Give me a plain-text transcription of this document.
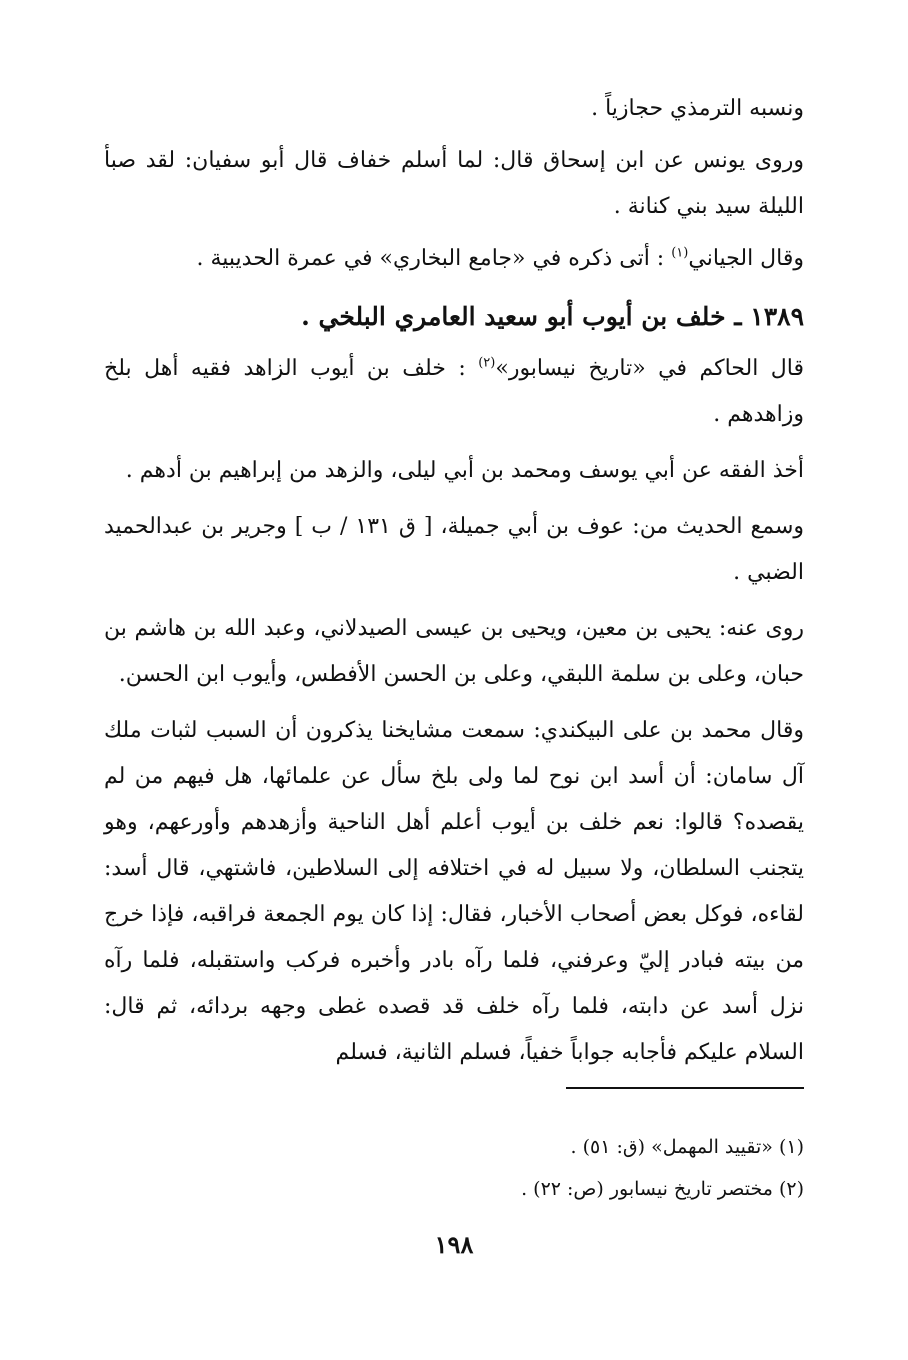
ونسبه الترمذي حجازياً .

وروى يونس عن ابن إسحاق قال: لما أسلم خفاف قال أبو سفيان: لقد صبأ الليلة سيد بني كنانة .

وقال الجياني$^{(١)}$ : أتى ذكره في «جامع البخاري» في عمرة الحديبية .

١٣٨٩ ـ خلف بن أيوب أبو سعيد العامري البلخي .

قال الحاكم في «تاريخ نيسابور»$^{(٢)}$ : خلف بن أيوب الزاهد فقيه أهل بلخ وزاهدهم .

أخذ الفقه عن أبي يوسف ومحمد بن أبي ليلى، والزهد من إبراهيم بن أدهم .

وسمع الحديث من: عوف بن أبي جميلة، [ ق ١٣١ / ب ] وجرير بن عبدالحميد الضبي .

روى عنه: يحيى بن معين، ويحيى بن عيسى الصيدلاني، وعبد الله بن هاشم بن حبان، وعلى بن سلمة اللبقي، وعلى بن الحسن الأفطس، وأيوب ابن الحسن.

وقال محمد بن على البيكندي: سمعت مشايخنا يذكرون أن السبب لثبات ملك آل سامان: أن أسد ابن نوح لما ولى بلخ سأل عن علمائها، هل فيهم من لم يقصده؟ قالوا: نعم خلف بن أيوب أعلم أهل الناحية وأزهدهم وأورعهم، وهو يتجنب السلطان، ولا سبيل له في اختلافه إلى السلاطين، فاشتهي، قال أسد: لقاءه، فوكل بعض أصحاب الأخبار، فقال: إذا كان يوم الجمعة فراقبه، فإذا خرج من بيته فبادر إليّ وعرفني، فلما رآه بادر وأخبره فركب واستقبله، فلما رآه نزل أسد عن دابته، فلما رآه خلف قد قصده غطى وجهه بردائه، ثم قال: السلام عليكم فأجابه جواباً خفياً، فسلم الثانية، فسلم

(١) «تقييد المهمل» (ق: ٥١) .

(٢) مختصر تاريخ نيسابور (ص: ٢٢) .

١٩٨
